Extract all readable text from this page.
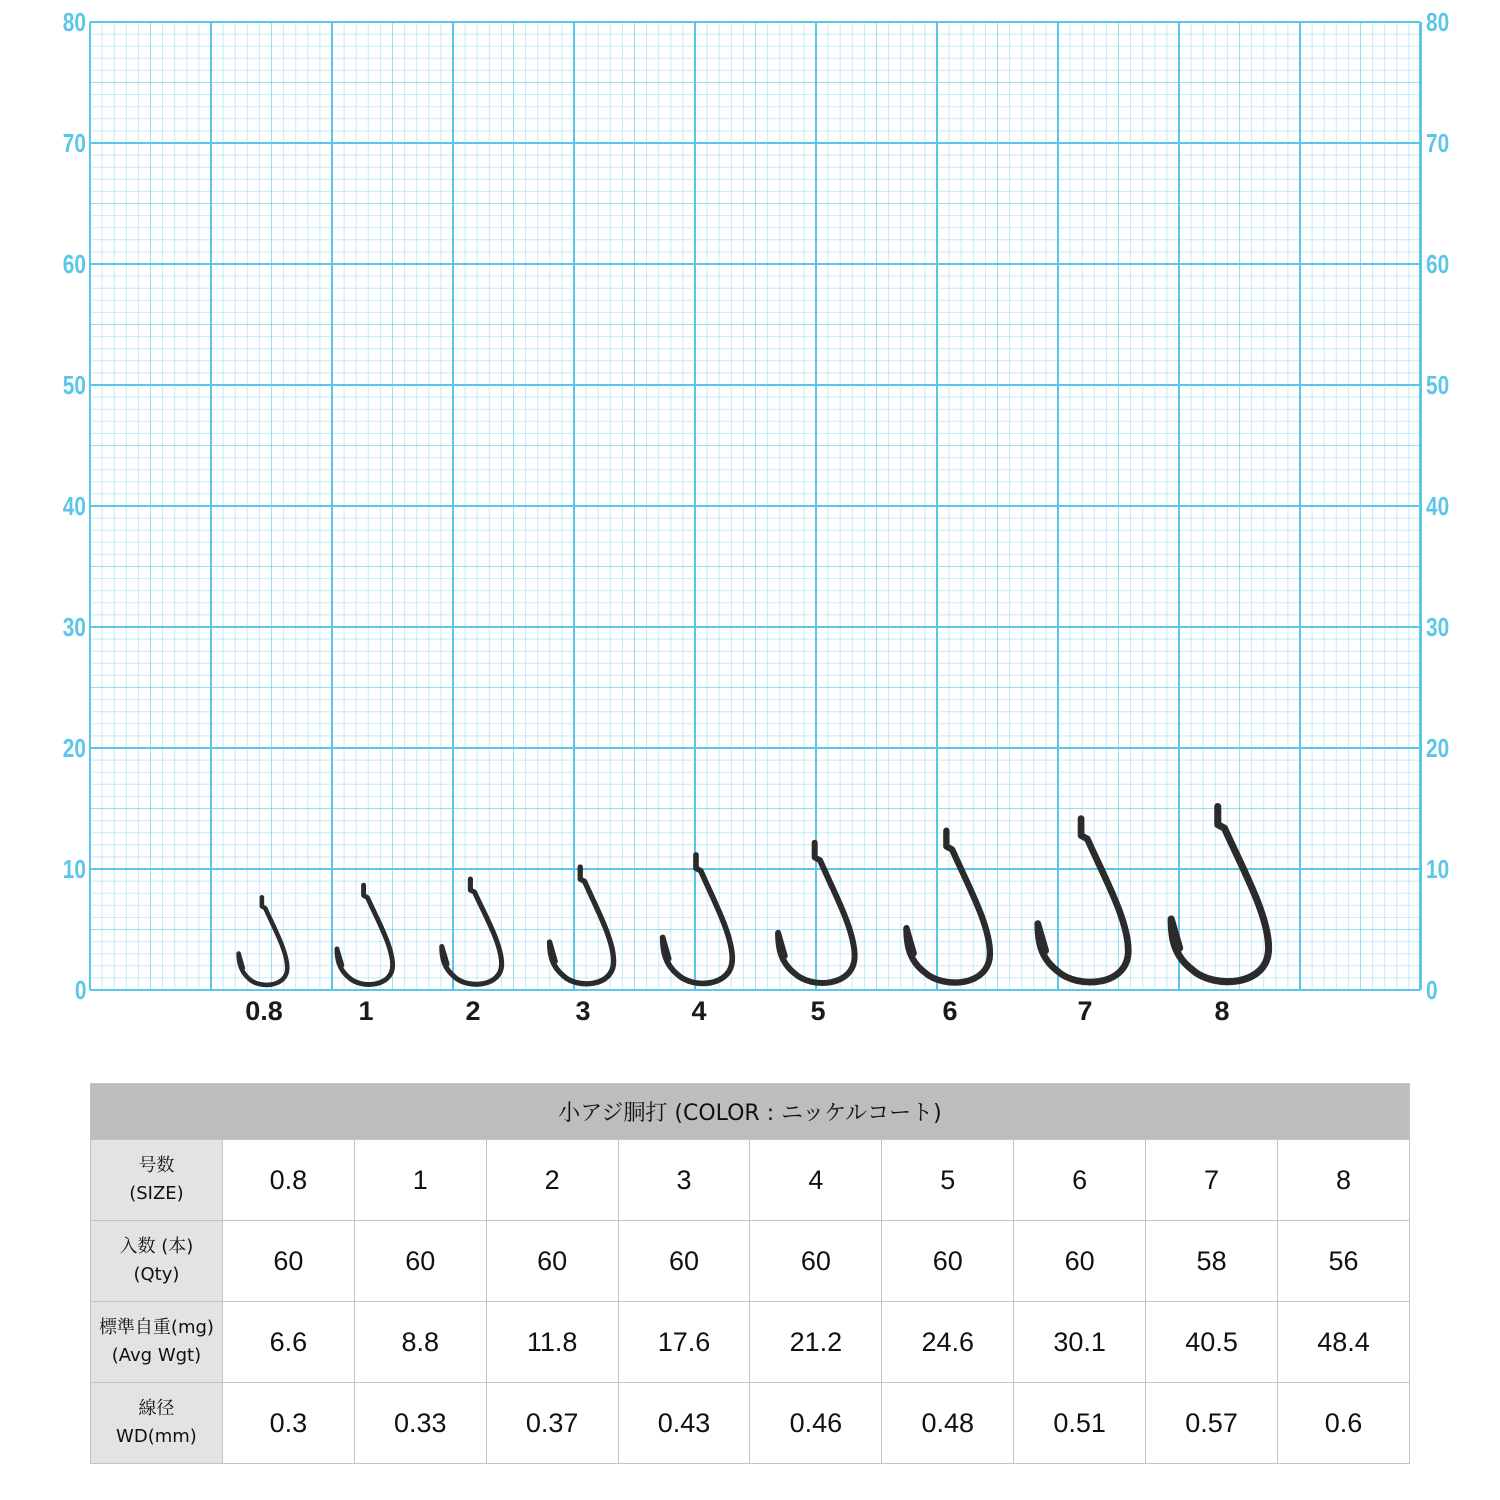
0	0
10	10
20	20
30	30
40	40
50	50
60	60
70	70
80	80
0.8	1	2	3	4	5	6	7	8
小アジ胴打 (COLOR : ニッケルコート)									

号数
(SIZE)	0.8	1	2	3	4	5	6	7	8

入数 (本)
(Qty)	60	60	60	60	60	60	60	58	56

標準自重(mg)
(Avg Wgt)	6.6	8.8	11.8	17.6	21.2	24.6	30.1	40.5	48.4

線径
WD(mm)	0.3	0.33	0.37	0.43	0.46	0.48	0.51	0.57	0.6
